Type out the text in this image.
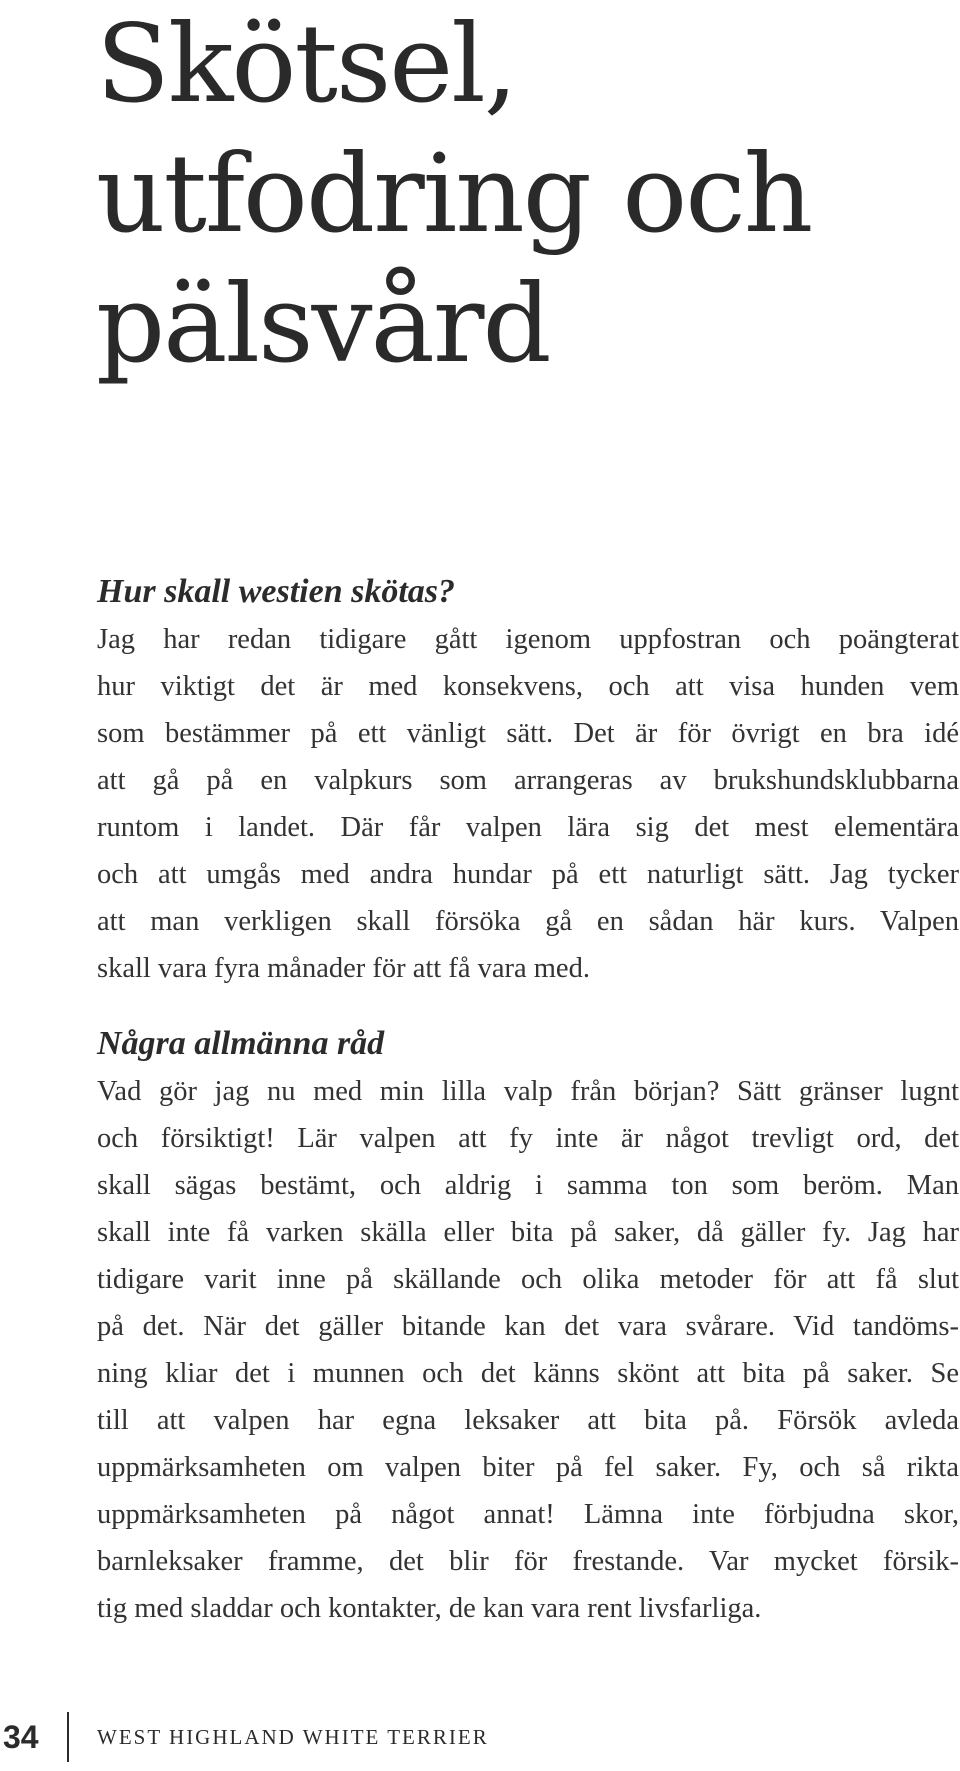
Skötsel,
utfodring och
pälsvård
Hur skall westien skötas?

Jag har redan tidigare gått igenom uppfostran och poängterat
hur viktigt det är med konsekvens, och att visa hunden vem
som bestämmer på ett vänligt sätt. Det är för övrigt en bra idé
att gå på en valpkurs som arrangeras av brukshundsklubbarna
runtom i landet. Där får valpen lära sig det mest elementära
och att umgås med andra hundar på ett naturligt sätt. Jag tycker
att man verkligen skall försöka gå en sådan här kurs. Valpen
skall vara fyra månader för att få vara med.

Några allmänna råd

Vad gör jag nu med min lilla valp från början? Sätt gränser lugnt
och försiktigt! Lär valpen att fy inte är något trevligt ord, det
skall sägas bestämt, och aldrig i samma ton som beröm. Man
skall inte få varken skälla eller bita på saker, då gäller fy. Jag har
tidigare varit inne på skällande och olika metoder för att få slut
på det. När det gäller bitande kan det vara svårare. Vid tandöms-
ning kliar det i munnen och det känns skönt att bita på saker. Se
till att valpen har egna leksaker att bita på. Försök avleda
uppmärksamheten om valpen biter på fel saker. Fy, och så rikta
uppmärksamheten på något annat! Lämna inte förbjudna skor,
barnleksaker framme, det blir för frestande. Var mycket försik-
tig med sladdar och kontakter, de kan vara rent livsfarliga.

34	WEST HIGHLAND WHITE TERRIER
